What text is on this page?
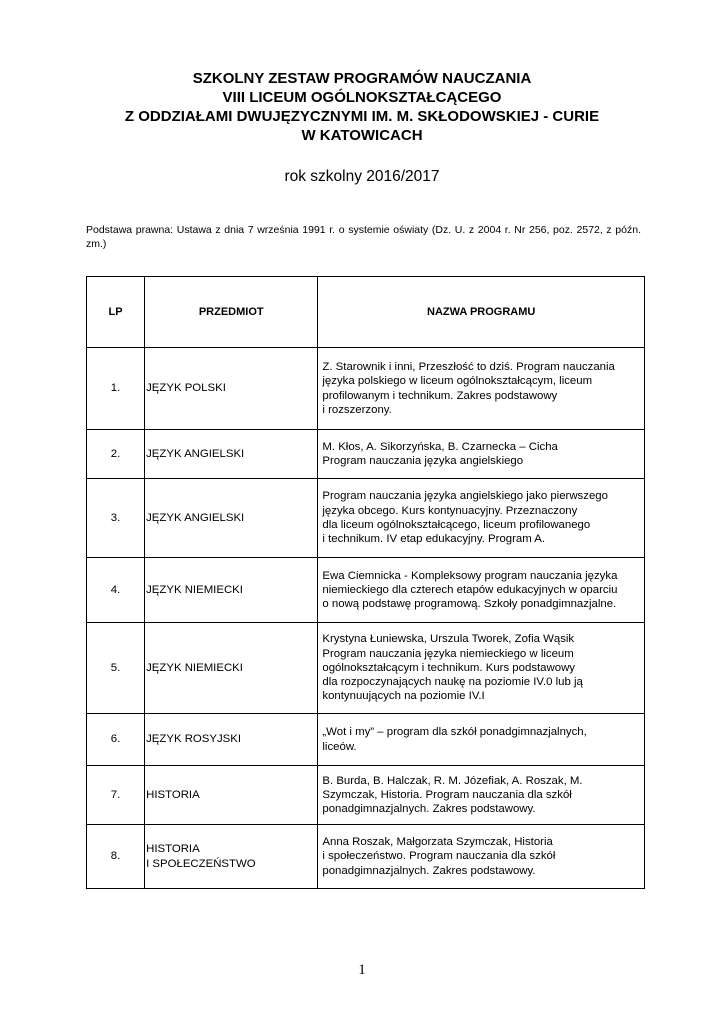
SZKOLNY ZESTAW PROGRAMÓW NAUCZANIA
VIII LICEUM OGÓLNOKSZTAŁCĄCEGO
Z ODDZIAŁAMI DWUJĘZYCZNYMI IM. M. SKŁODOWSKIEJ - CURIE
W KATOWICACH
rok szkolny 2016/2017
Podstawa prawna: Ustawa z dnia 7 września 1991 r. o systemie oświaty (Dz. U. z 2004 r. Nr 256, poz. 2572, z późn. zm.)
LP	PRZEDMIOT	NAZWA PROGRAMU
1.	JĘZYK POLSKI	Z. Starownik i inni, Przeszłość to dziś. Program nauczania
języka polskiego w liceum ogólnokształcącym, liceum
profilowanym i technikum. Zakres podstawowy
i rozszerzony.

2.	JĘZYK ANGIELSKI	M. Kłos, A. Sikorzyńska, B. Czarnecka – Cicha
Program nauczania języka angielskiego

3.	JĘZYK ANGIELSKI	Program nauczania języka angielskiego jako pierwszego
języka obcego. Kurs kontynuacyjny. Przeznaczony
dla liceum ogólnokształcącego, liceum profilowanego
i technikum. IV etap edukacyjny. Program A.

4.	JĘZYK NIEMIECKI	Ewa Ciemnicka - Kompleksowy program nauczania języka
niemieckiego dla czterech etapów edukacyjnych w oparciu
o nową podstawę programową. Szkoły ponadgimnazjalne.

5.	JĘZYK NIEMIECKI	Krystyna Łuniewska, Urszula Tworek, Zofia Wąsik
Program nauczania języka niemieckiego w liceum
ogólnokształcącym i technikum. Kurs podstawowy
dla rozpoczynających naukę na poziomie IV.0 lub ją
kontynuujących na poziomie IV.I

6.	JĘZYK ROSYJSKI	„Wot i my” – program dla szkół ponadgimnazjalnych,
liceów.

7.	HISTORIA	B. Burda, B. Halczak, R. M. Józefiak, A. Roszak, M.
Szymczak, Historia. Program nauczania dla szkół
ponadgimnazjalnych. Zakres podstawowy.

8.	HISTORIA
I SPOŁECZEŃSTWO	Anna Roszak, Małgorzata Szymczak, Historia
i społeczeństwo. Program nauczania dla szkół
ponadgimnazjalnych. Zakres podstawowy.
1
